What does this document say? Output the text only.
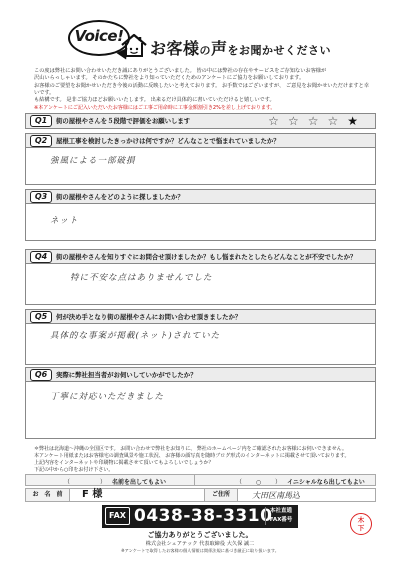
Voice!
お客様の声をお聞かせください
この度は弊社にお問い合わせいただき誠にありがとうございました。 皆の中には弊社の存在やサービスをご存知ないお客様が
沢山いらっしゃいます。 そのかたちに弊社をより知っていただくためのアンケートにご協力をお願いしております。
お客様のご要望をお聞かせいただき今後の活動に反映したいと考えております。 お手数ではございますが、 ご意見をお聞かせいただけますと幸いです。
も結構です。 是非ご協力ほどお願いいたします。 出来るだけ具体的に書いていただけると嬉しいです。
※本アンケートにご記入いただいたお客様にはご工事ご用命時に工事金額割引き2%を差し上げております。
Q1	街の屋根やさんを５段階で評価をお願いします	☆☆☆☆★
Q2	屋根工事を検討したきっかけは何ですか？どんなことで悩まれていましたか？
強風による一部破損
Q3	街の屋根やさんをどのように探しましたか？
ネット
Q4	街の屋根やさんを知りすぐにお問合せ頂けましたか？もし悩まれたとしたらどんなことが不安でしたか？
特に不安な点はありませんでした
Q5	何が決め手となり街の屋根やさんにお問い合わせ頂きましたか？
具体的な事案が掲載(ネット)されていた
Q6	実際に弊社担当者がお伺いしていかがでしたか？
丁寧に対応いただきました
＊弊社は北海道〜沖縄の全国区です。 お問い合わせで弊社をお知りに、 弊社のホームページ内をご確認されたお客様にお伺いできません。
本アンケート用紙またはお客様宅の調査風景や施工状況、 お客様の顔写真を随時ブログ形式のインターネットに掲載させて頂いております。
上記内容をインターネットや印刷物に掲載させて頂いてもよろしいでしょうか？
下記の中から○印をお付け下さい。
（　　）名前を出してもよい	（ ○ ）イニシャルなら出してもよい
お　名　前	F 様	ご住所	大田区南馬込
FAX 0438-38-3310
本社直通
FAX番号	木
下
ご協力ありがとうございました。
株式会社シェアテック 代表取締役 大久保 誠二
※アンケートで取得したお客様の個人情報は関係法規に基づき厳正に取り扱います。
